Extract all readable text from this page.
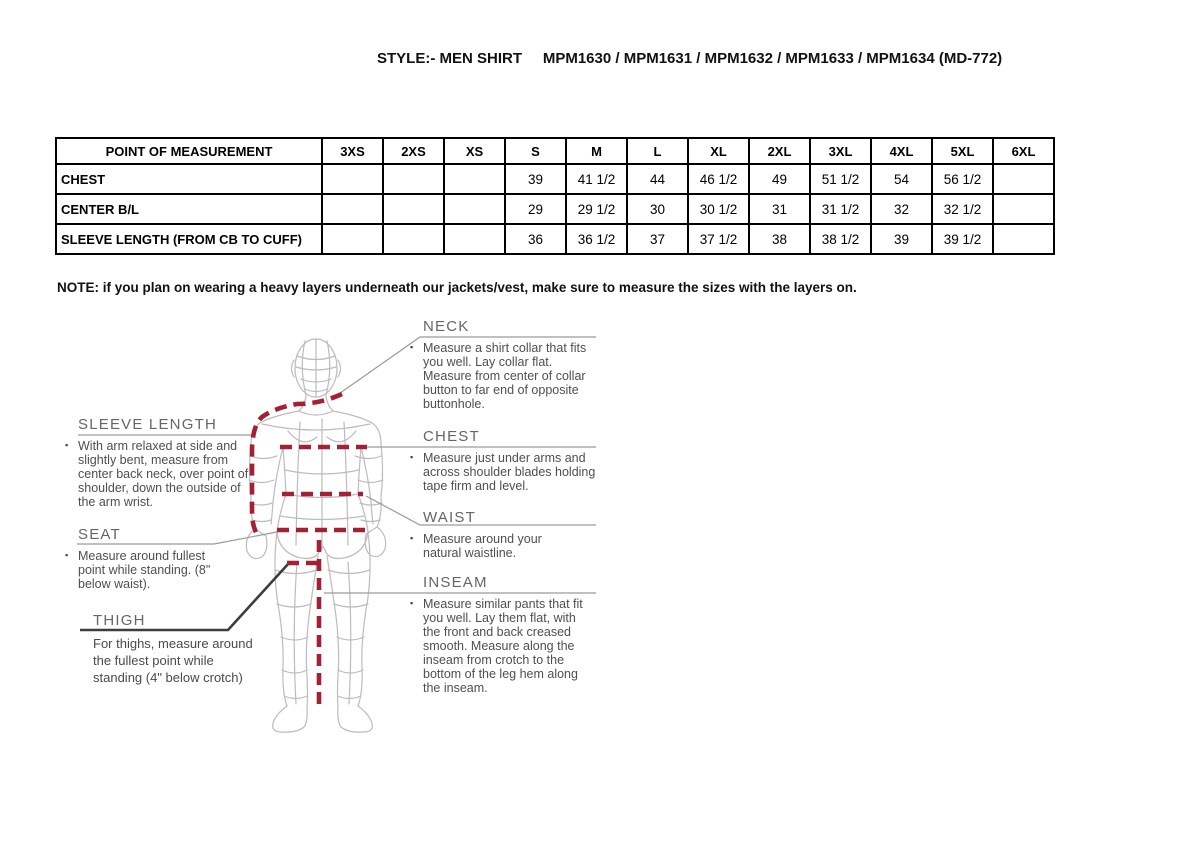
STYLE:- MEN SHIRT     MPM1630 / MPM1631 / MPM1632 / MPM1633 / MPM1634 (MD-772)
POINT OF MEASUREMENT	3XS	2XS	XS	S	M	L	XL	2XL	3XL	4XL	5XL	6XL
CHEST				39	41 1/2	44	46 1/2	49	51 1/2	54	56 1/2	
CENTER B/L				29	29 1/2	30	30 1/2	31	31 1/2	32	32 1/2	
SLEEVE LENGTH (FROM CB TO CUFF)				36	36 1/2	37	37 1/2	38	38 1/2	39	39 1/2	
NOTE: if you plan on wearing a heavy layers underneath our jackets/vest, make sure to measure the sizes with the layers on.
NECK
▪ Measure a shirt collar that fits you well. Lay collar flat. Measure from center of collar button to far end of opposite buttonhole.
CHEST
▪ Measure just under arms and across shoulder blades holding tape firm and level.
WAIST
▪ Measure around your natural waistline.
INSEAM
▪ Measure similar pants that fit you well. Lay them flat, with the front and back creased smooth. Measure along the inseam from crotch to the bottom of the leg hem along the inseam.
SLEEVE LENGTH
▪ With arm relaxed at side and slightly bent, measure from center back neck, over point of shoulder, down the outside of the arm wrist.
SEAT
▪ Measure around fullest point while standing. (8" below waist).
THIGH
For thighs, measure around the fullest point while standing (4" below crotch)
